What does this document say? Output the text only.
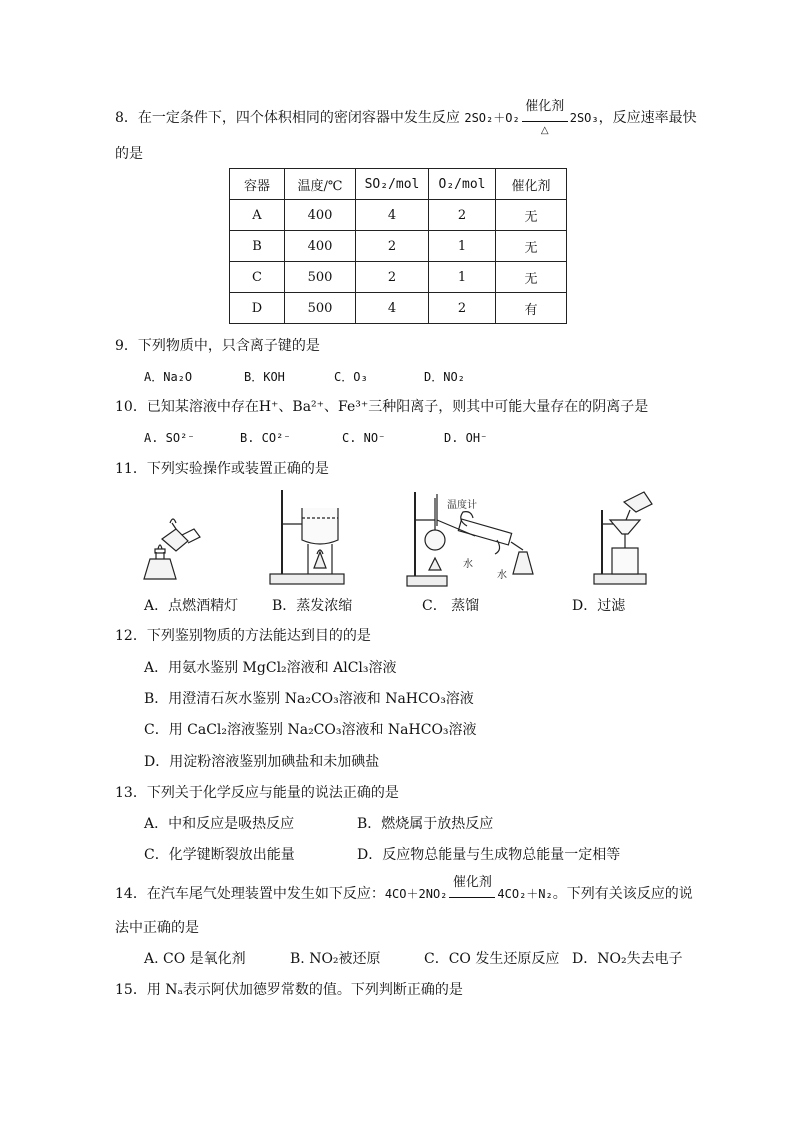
8．在一定条件下，四个体积相同的密闭容器中发生反应 2SO₂＋O₂
催化剂
△
2SO₃，反应速率最快
的是
容器	温度/℃	SO₂/mol	O₂/mol	催化剂
A	400	4	2	无
B	400	2	1	无
C	500	2	1	无
D	500	4	2	有
9．下列物质中，只含离子键的是
A．Na₂O	B．KOH	C．O₃	D．NO₂
10．已知某溶液中存在H⁺、Ba²⁺、Fe³⁺三种阳离子，则其中可能大量存在的阴离子是
A. SO²⁻	B. CO²⁻	C. NO⁻	D. OH⁻
11．下列实验操作或装置正确的是
温度计
水
水
A．点燃酒精灯 B．蒸发浓缩	C． 蒸馏	D．过滤
12．下列鉴别物质的方法能达到目的的是
A．用氨水鉴别 MgCl₂溶液和 AlCl₃溶液
B．用澄清石灰水鉴别 Na₂CO₃溶液和 NaHCO₃溶液
C．用 CaCl₂溶液鉴别 Na₂CO₃溶液和 NaHCO₃溶液
D．用淀粉溶液鉴别加碘盐和未加碘盐
13．下列关于化学反应与能量的说法正确的是
A．中和反应是吸热反应	B．燃烧属于放热反应
C．化学键断裂放出能量	D．反应物总能量与生成物总能量一定相等
14．在汽车尾气处理装置中发生如下反应：4CO＋2NO₂
催化剂
4CO₂＋N₂。下列有关该反应的说
法中正确的是
A. CO 是氧化剂	B. NO₂被还原	C．CO 发生还原反应 D．NO₂失去电子
15．用 Nₐ表示阿伏加德罗常数的值。下列判断正确的是
